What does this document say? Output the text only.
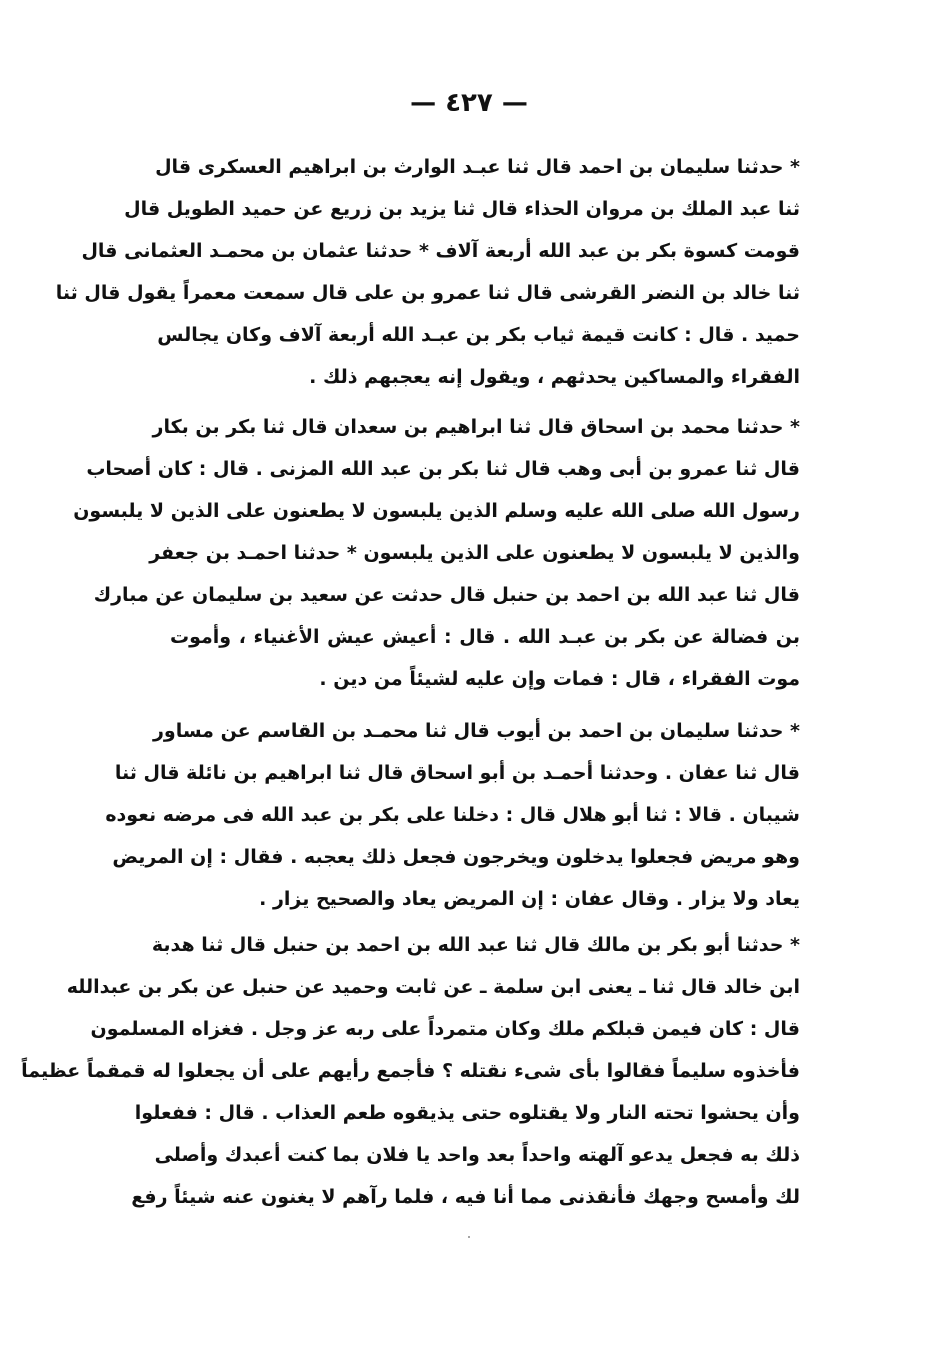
— ٤٢٧ —
* حدثنا سليمان بن احمد قال ثنا عبـد الوارث بن ابراهيم العسكرى قال
ثنا عبد الملك بن مروان الحذاء قال ثنا يزيد بن زريع عن حميد الطويل قال
قومت كسوة بكر بن عبد الله أربعة آلاف * حدثنا عثمان بن محمـد العثمانى قال
ثنا خالد بن النضر القرشى قال ثنا عمرو بن على قال سمعت معمراً يقول قال ثنا
حميد . قال : كانت قيمة ثياب بكر بن عبـد الله أربعة آلاف وكان يجالس
الفقراء والمساكين يحدثهم ، ويقول إنه يعجبهم ذلك .
* حدثنا محمد بن اسحاق قال ثنا ابراهيم بن سعدان قال ثنا بكر بن بكار
قال ثنا عمرو بن أبى وهب قال ثنا بكر بن عبد الله المزنى . قال : كان أصحاب
رسول الله صلى الله عليه وسلم الذين يلبسون لا يطعنون على الذين لا يلبسون
والذين لا يلبسون لا يطعنون على الذين يلبسون * حدثنا احمـد بن جعفر
قال ثنا عبد الله بن احمد بن حنبل قال حدثت عن سعيد بن سليمان عن مبارك
بن فضالة عن بكر بن عبـد الله . قال : أعيش عيش الأغنياء ، وأموت
موت الفقراء ، قال : فمات وإن عليه لشيئاً من دين .
* حدثنا سليمان بن احمد بن أيوب قال ثنا محمـد بن القاسم عن مساور
قال ثنا عفان . وحدثنا أحمـد بن أبو اسحاق قال ثنا ابراهيم بن نائلة قال ثنا
شيبان . قالا : ثنا أبو هلال قال : دخلنا على بكر بن عبد الله فى مرضه نعوده
وهو مريض فجعلوا يدخلون ويخرجون فجعل ذلك يعجبه . فقال : إن المريض
يعاد ولا يزار . وقال عفان : إن المريض يعاد والصحيح يزار .
* حدثنا أبو بكر بن مالك قال ثنا عبد الله بن احمد بن حنبل قال ثنا هدبة
ابن خالد قال ثنا ـ يعنى ابن سلمة ـ عن ثابت وحميد عن حنبل عن بكر بن عبدالله
قال : كان فيمن قبلكم ملك وكان متمرداً على ربه عز وجل . فغزاه المسلمون
فأخذوه سليماً فقالوا بأى شىء نقتله ؟ فأجمع رأيهم على أن يجعلوا له قمقماً عظيماً
وأن يحشوا تحته النار ولا يقتلوه حتى يذيقوه طعم العذاب . قال : ففعلوا
ذلك به فجعل يدعو آلهته واحداً بعد واحد يا فلان بما كنت أعبدك وأصلى
لك وأمسح وجهك فأنقذنى مما أنا فيه ، فلما رآهم لا يغنون عنه شيئاً رفع
